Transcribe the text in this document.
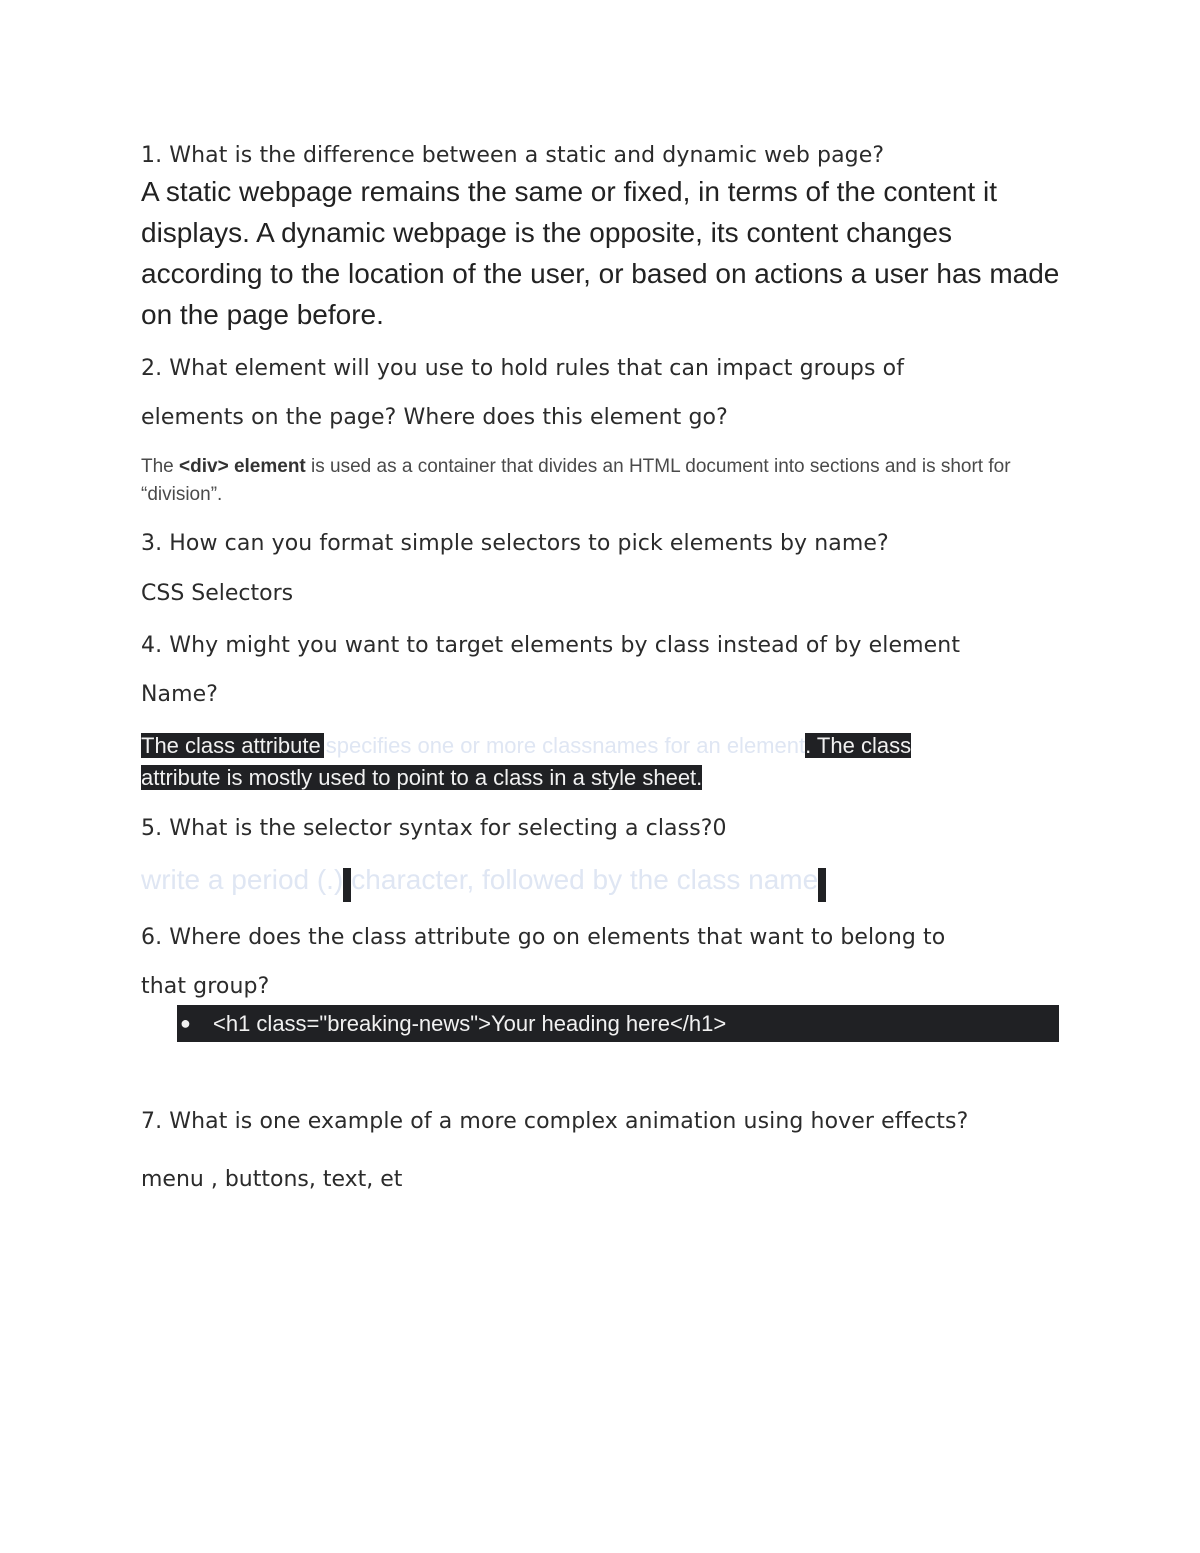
1. What is the difference between a static and dynamic web page?
A static webpage remains the same or fixed, in terms of the content it displays. A dynamic webpage is the opposite, its content changes according to the location of the user, or based on actions a user has made on the page before.
2. What element will you use to hold rules that can impact groups of
elements on the page? Where does this element go?
The <div> element is used as a container that divides an HTML document into sections and is short for “division”.
3. How can you format simple selectors to pick elements by name?
CSS Selectors
4. Why might you want to target elements by class instead of by element
Name?
The class attribute specifies one or more classnames for an element. The class
attribute is mostly used to point to a class in a style sheet.
5. What is the selector syntax for selecting a class?0
write a period (.) character, followed by the class name
6. Where does the class attribute go on elements that want to belong to
that group?
● <h1 class="breaking-news">Your heading here</h1>
7. What is one example of a more complex animation using hover effects?
menu , buttons, text, et
